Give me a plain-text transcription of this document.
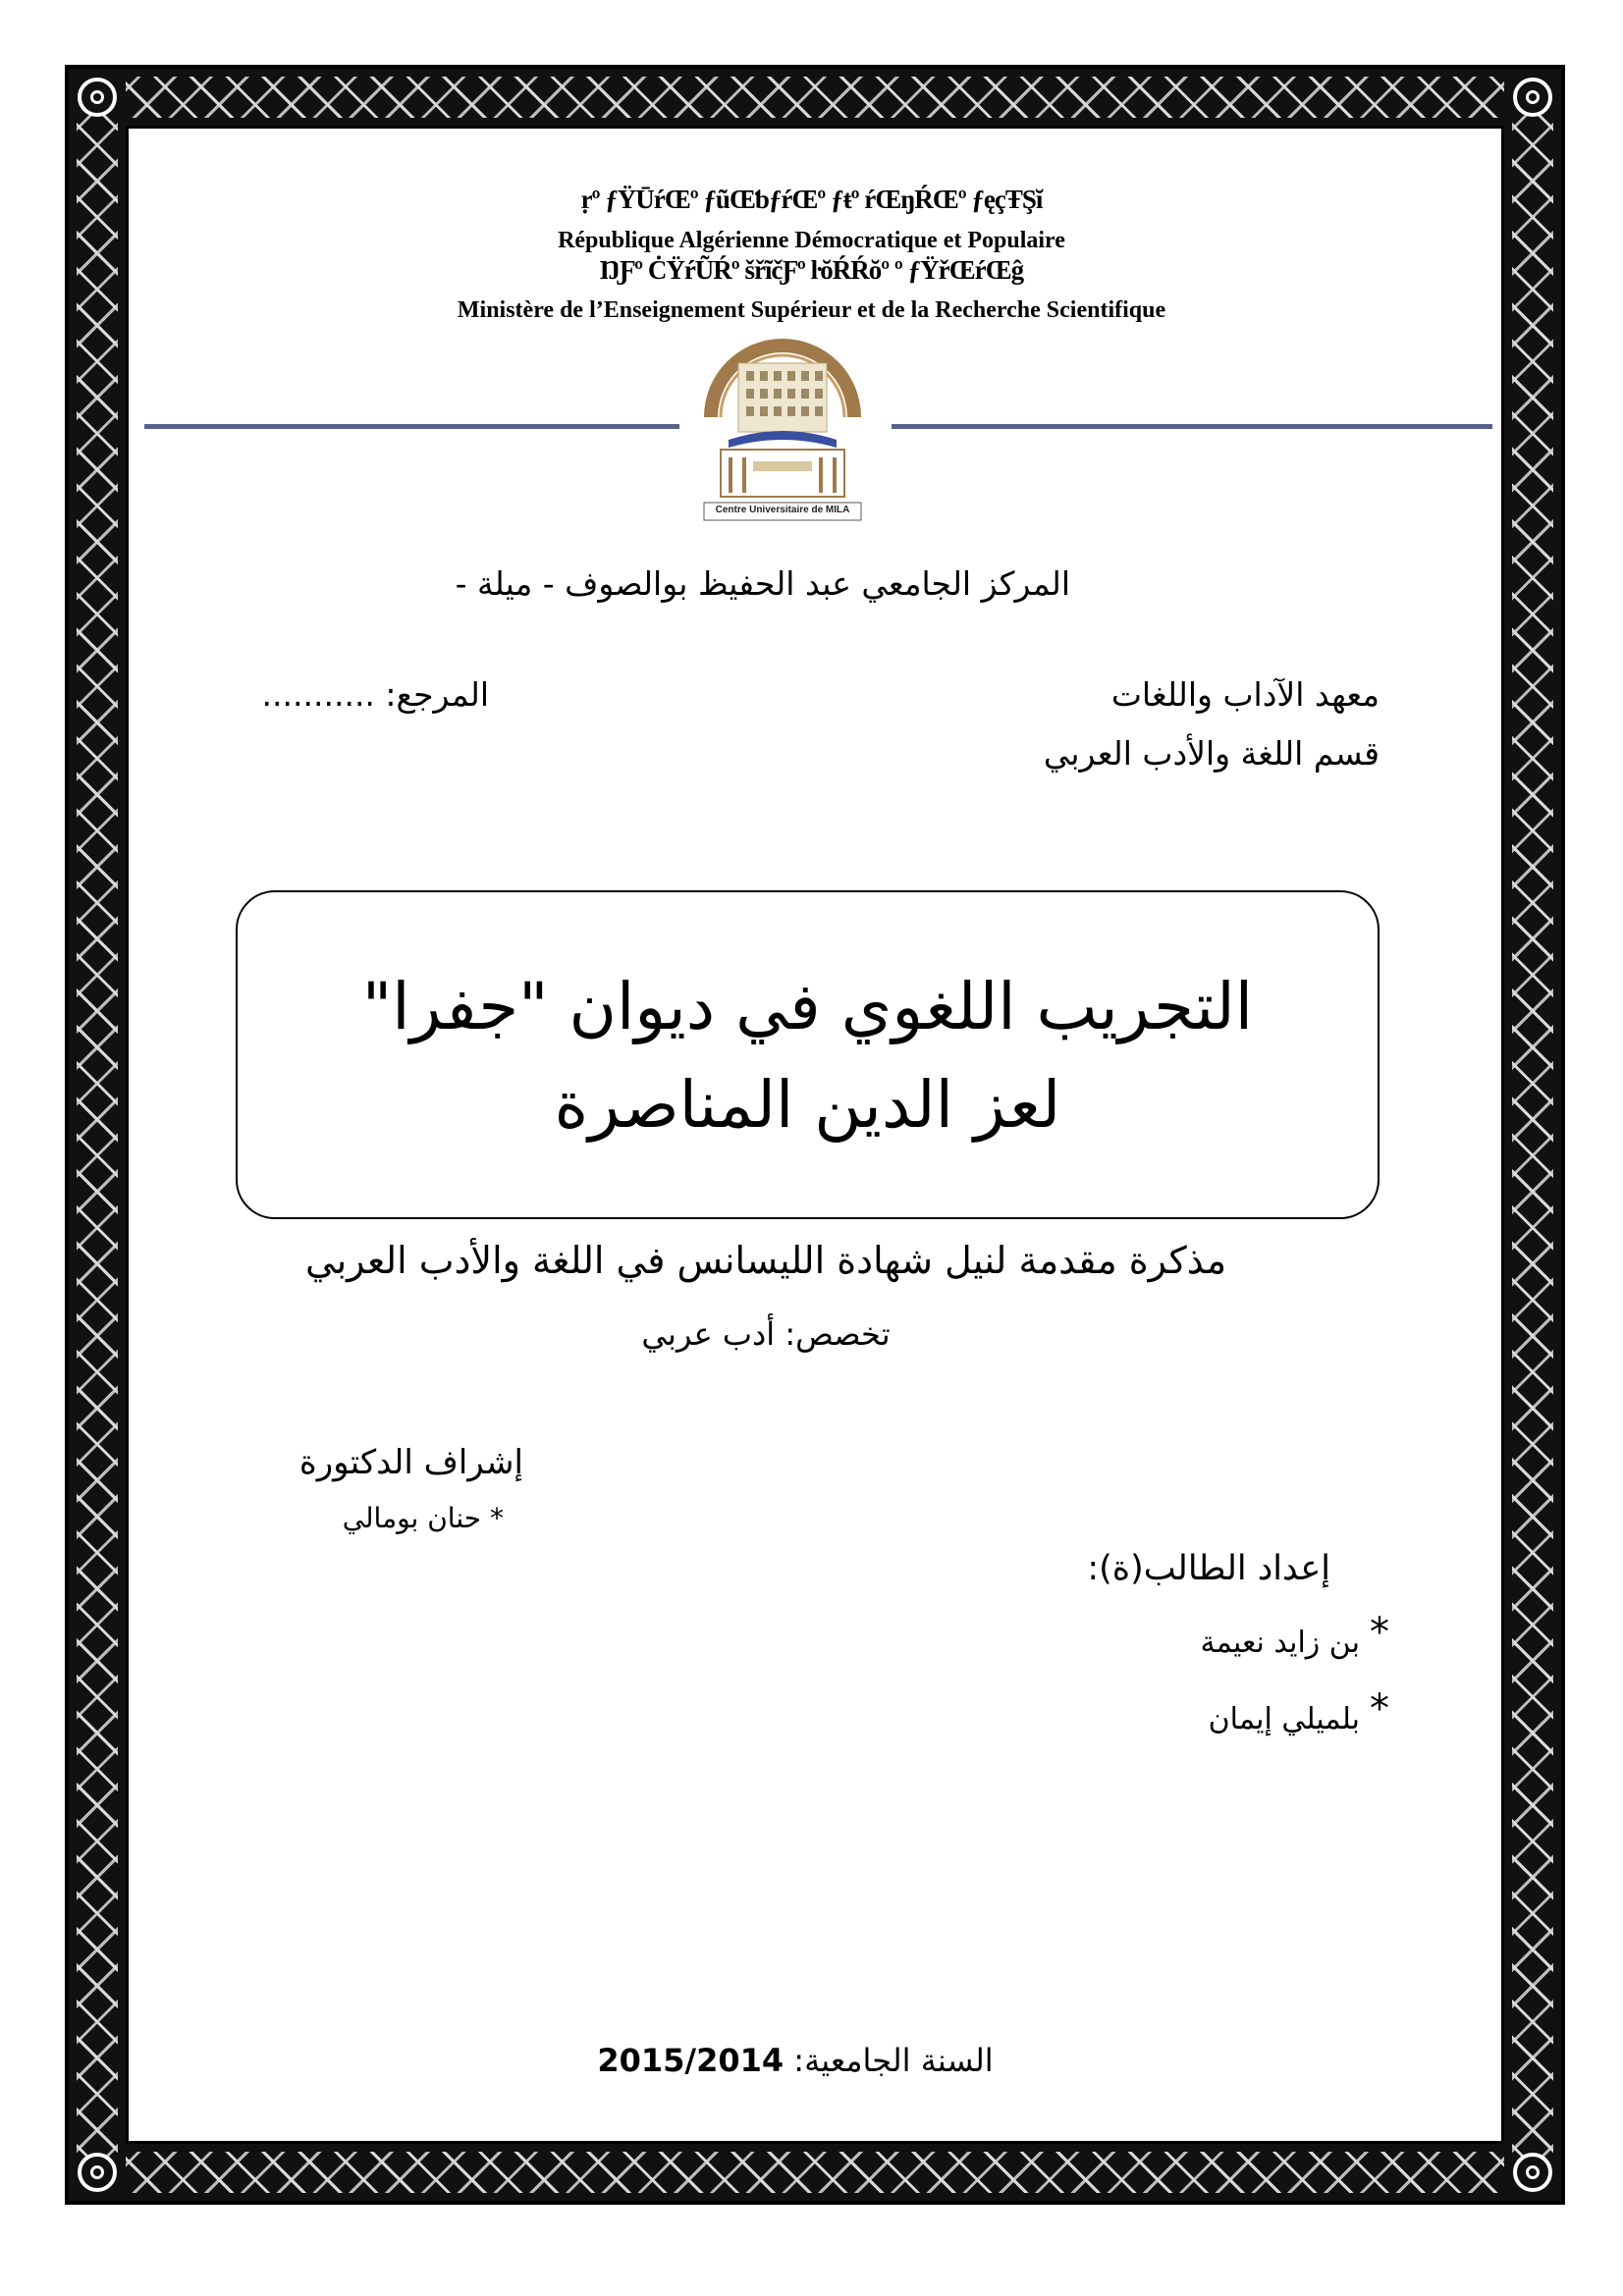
ṛº ƒŸŪŕŒº ƒũŒƅƒŕŒº ƒŧº ŕŒŋŔŒº ƒęçŦŞĭ
République Algérienne Démocratique et Populaire
ŊƑº ĊŸŕŨŔº šřĩčƑº ŀŏŔŔŏº º ƒŸřŒŕŒĝ
Ministère de l’Enseignement Supérieur et de la Recherche Scientifique
Centre Universitaire de MILA
المركز الجامعي عبد الحفيظ بوالصوف - ميلة -
معهد الآداب واللغات
قسم اللغة والأدب العربي
المرجع: ...........
التجريب اللغوي في ديوان "جفرا"
لعز الدين المناصرة
مذكرة مقدمة لنيل شهادة الليسانس في اللغة والأدب العربي
تخصص: أدب عربي
إشراف الدكتورة
* حنان بومالي
إعداد الطالب(ة):
*
بن زايد نعيمة
*
بلميلي إيمان
السنة الجامعية: 2015/2014
